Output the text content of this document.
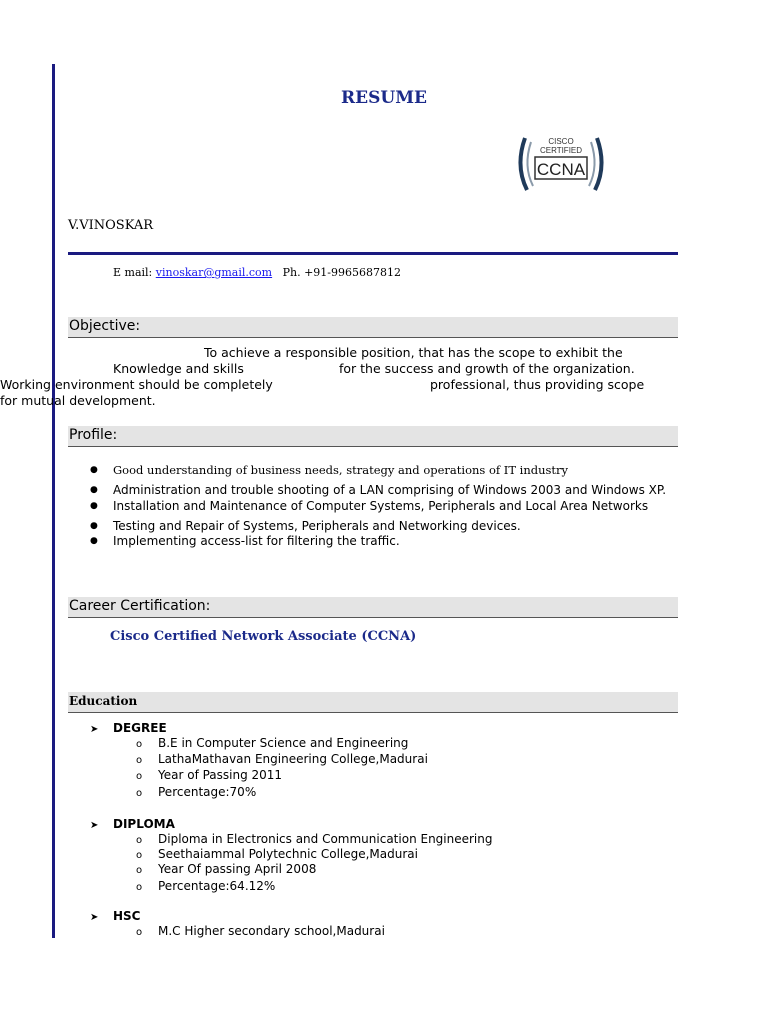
RESUME
CISCO
CERTIFIED
CCNA
V.VINOSKAR
E mail: vinoskar@gmail.com Ph. +91-9965687812
Objective:
To achieve a responsible position, that has the scope to exhibit the
Knowledge and skills	for the success and growth of the organization.
Working environment should be completely	professional, thus providing scope
for mutual development.
Profile:
● Good understanding of business needs, strategy and operations of IT industry
● Administration and trouble shooting of a LAN comprising of Windows 2003 and Windows XP.
● Installation and Maintenance of Computer Systems, Peripherals and Local Area Networks
● Testing and Repair of Systems, Peripherals and Networking devices.
● Implementing access-list for filtering the traffic.
Career Certification:
Cisco Certified Network Associate (CCNA)
Education
➤ DEGREE
o B.E in Computer Science and Engineering
o LathaMathavan Engineering College,Madurai
o Year of Passing 2011
o Percentage:70%
➤ DIPLOMA
o Diploma in Electronics and Communication Engineering
o Seethaiammal Polytechnic College,Madurai
o Year Of passing April 2008
o Percentage:64.12%
➤ HSC
o M.C Higher secondary school,Madurai
